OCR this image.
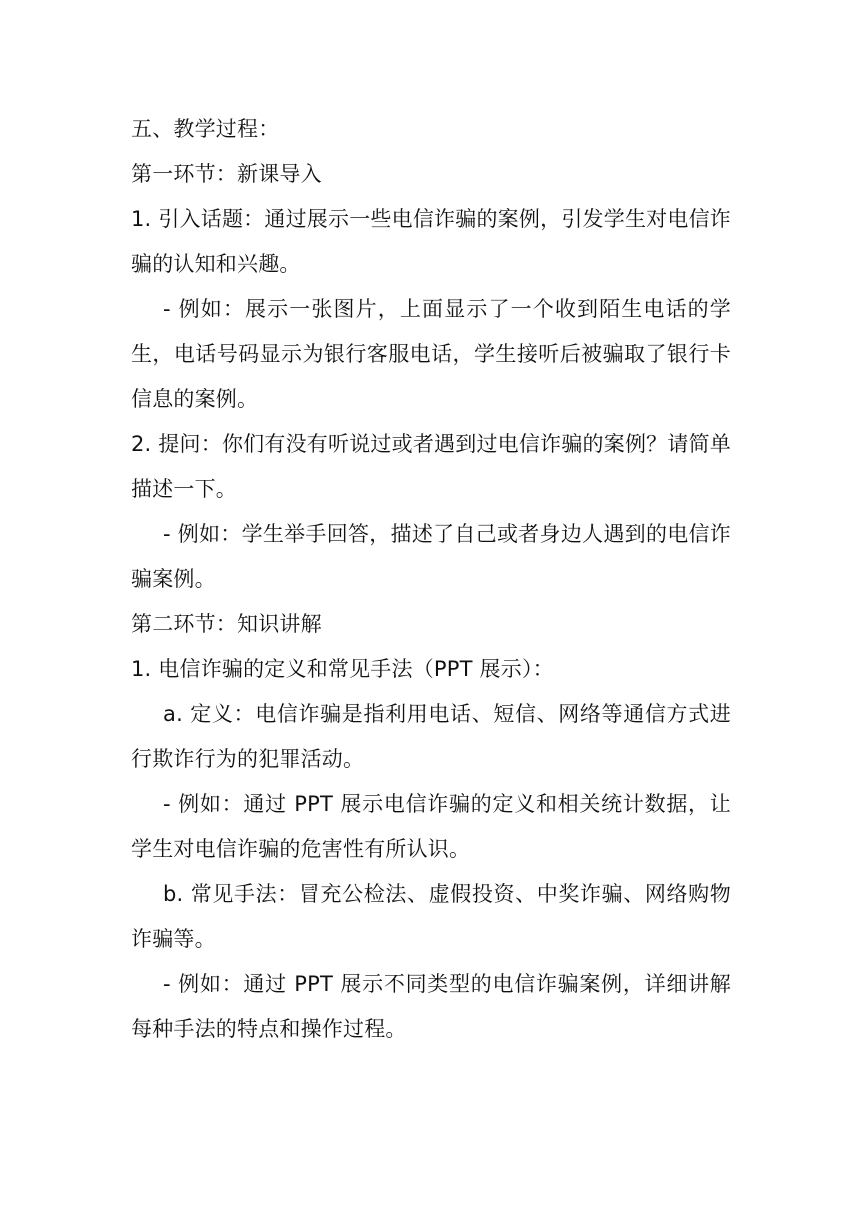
五、教学过程：

第一环节：新课导入

1. 引入话题：通过展示一些电信诈骗的案例，引发学生对电信诈骗的认知和兴趣。

- 例如：展示一张图片，上面显示了一个收到陌生电话的学生，电话号码显示为银行客服电话，学生接听后被骗取了银行卡信息的案例。

2. 提问：你们有没有听说过或者遇到过电信诈骗的案例？请简单描述一下。

- 例如：学生举手回答，描述了自己或者身边人遇到的电信诈骗案例。

第二环节：知识讲解

1. 电信诈骗的定义和常见手法（PPT 展示）：

a. 定义：电信诈骗是指利用电话、短信、网络等通信方式进行欺诈行为的犯罪活动。

- 例如：通过 PPT 展示电信诈骗的定义和相关统计数据，让学生对电信诈骗的危害性有所认识。

b. 常见手法：冒充公检法、虚假投资、中奖诈骗、网络购物诈骗等。

- 例如：通过 PPT 展示不同类型的电信诈骗案例，详细讲解每种手法的特点和操作过程。
